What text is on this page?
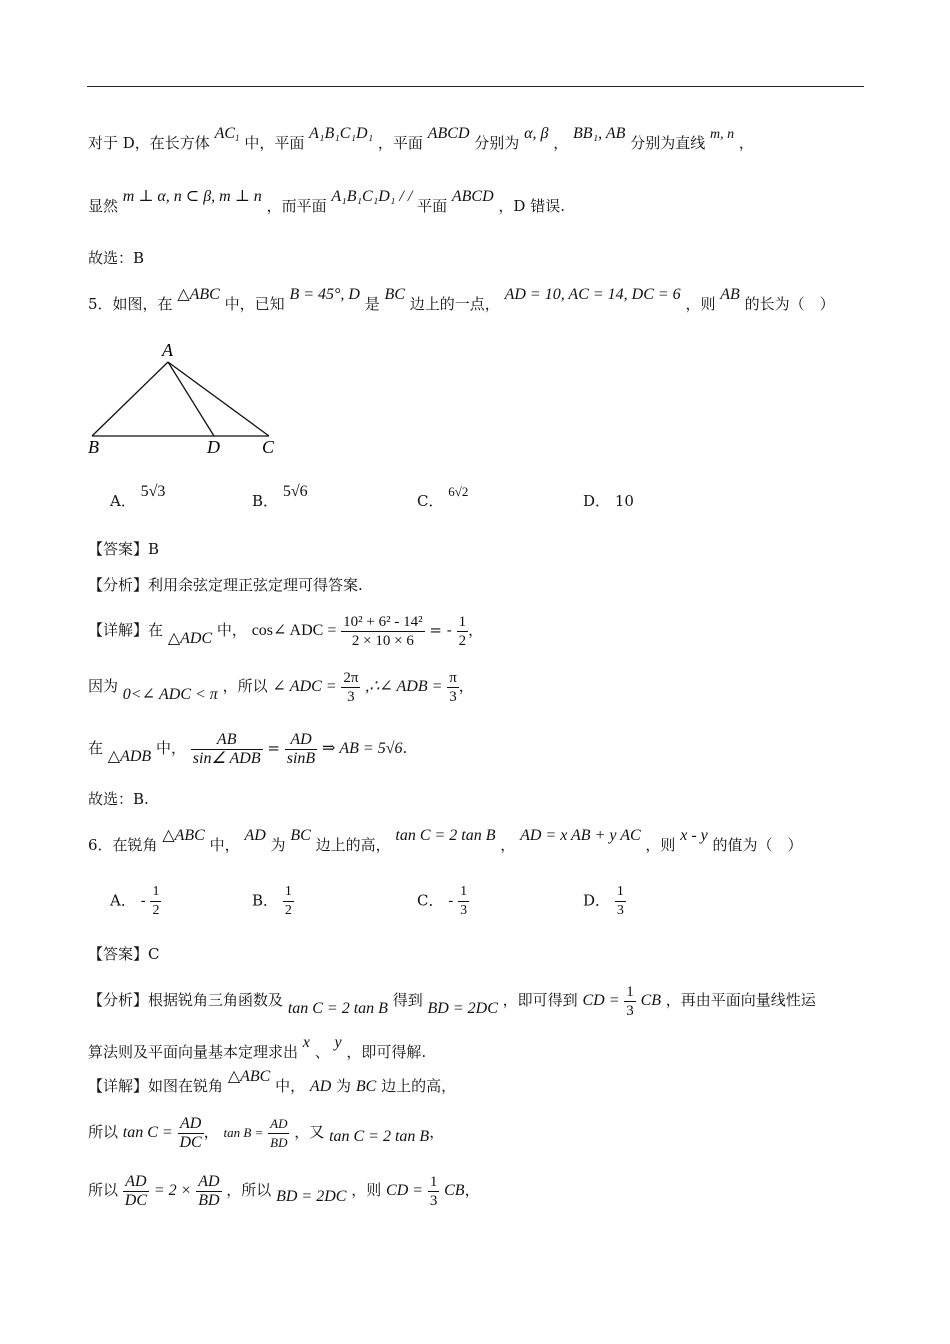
对于 D，在长方体 $AC_1$ 中，平面 A₁B₁C₁D₁ ，平面 ABCD 分别为 α, β ， BB₁, AB 分别为直线 m, n ，
显然 m ⊥ α, n ⊂ β, m ⊥ n ，而平面 A₁B₁C₁D₁ / / 平面 ABCD ，D 错误.
故选：B
5．如图，在 △ABC 中，已知 B = 45°, D 是 BC 边上的一点， AD = 10, AC = 14, DC = 6 ，则 AB 的长为（　）
A
B	D C
A． 5√3
B． 5√6
C． 6√2
D． 10
【答案】B
【分析】利用余弦定理正弦定理可得答案.
【详解】在 △ADC 中， cos∠ ADC = $\frac{\text{10² + 6² - 14²}}{2 \times 10 \times 6}$ = - $\frac{1}{2}$ ，
因为 0<∠ ADC < π ，所以 ∠ ADC = $\frac{2\pi}{3}$ ,∴∠ ADB = $\frac{\pi}{3}$ ，
在 △ADB 中， $\frac{AB}{\text{sin∠ ADB}} = \frac{AD}{\sin B}$ ⇒ AB = 5√6.
故选：B.
6．在锐角 △ABC 中， AD 为 BC 边上的高， tan C = 2 tan B ， AD = x AB + y AC ，则 x - y 的值为（　）
A． - $\frac{1}{2}$	B． $\frac{1}{2}$	C． - $\frac{1}{3}$	D． $\frac{1}{3}$
【答案】C
【分析】根据锐角三角函数及 tan C = 2 tan B 得到 BD = 2DC ，即可得到 CD = $\frac{1}{3}$ CB ，再由平面向量线性运
算法则及平面向量基本定理求出 x 、 y ，即可得解.
【详解】如图在锐角 △ABC 中， AD 为 BC 边上的高，
所以 $\tan C = \frac{AD}{DC}$ ， $\tan B = \frac{AD}{BD}$ ，又 tan C = 2 tan B，
所以 $\frac{AD}{DC} = 2 \times \frac{AD}{BD}$ ，所以 BD = 2DC ，则 CD = $\frac{1}{3}$ CB，
